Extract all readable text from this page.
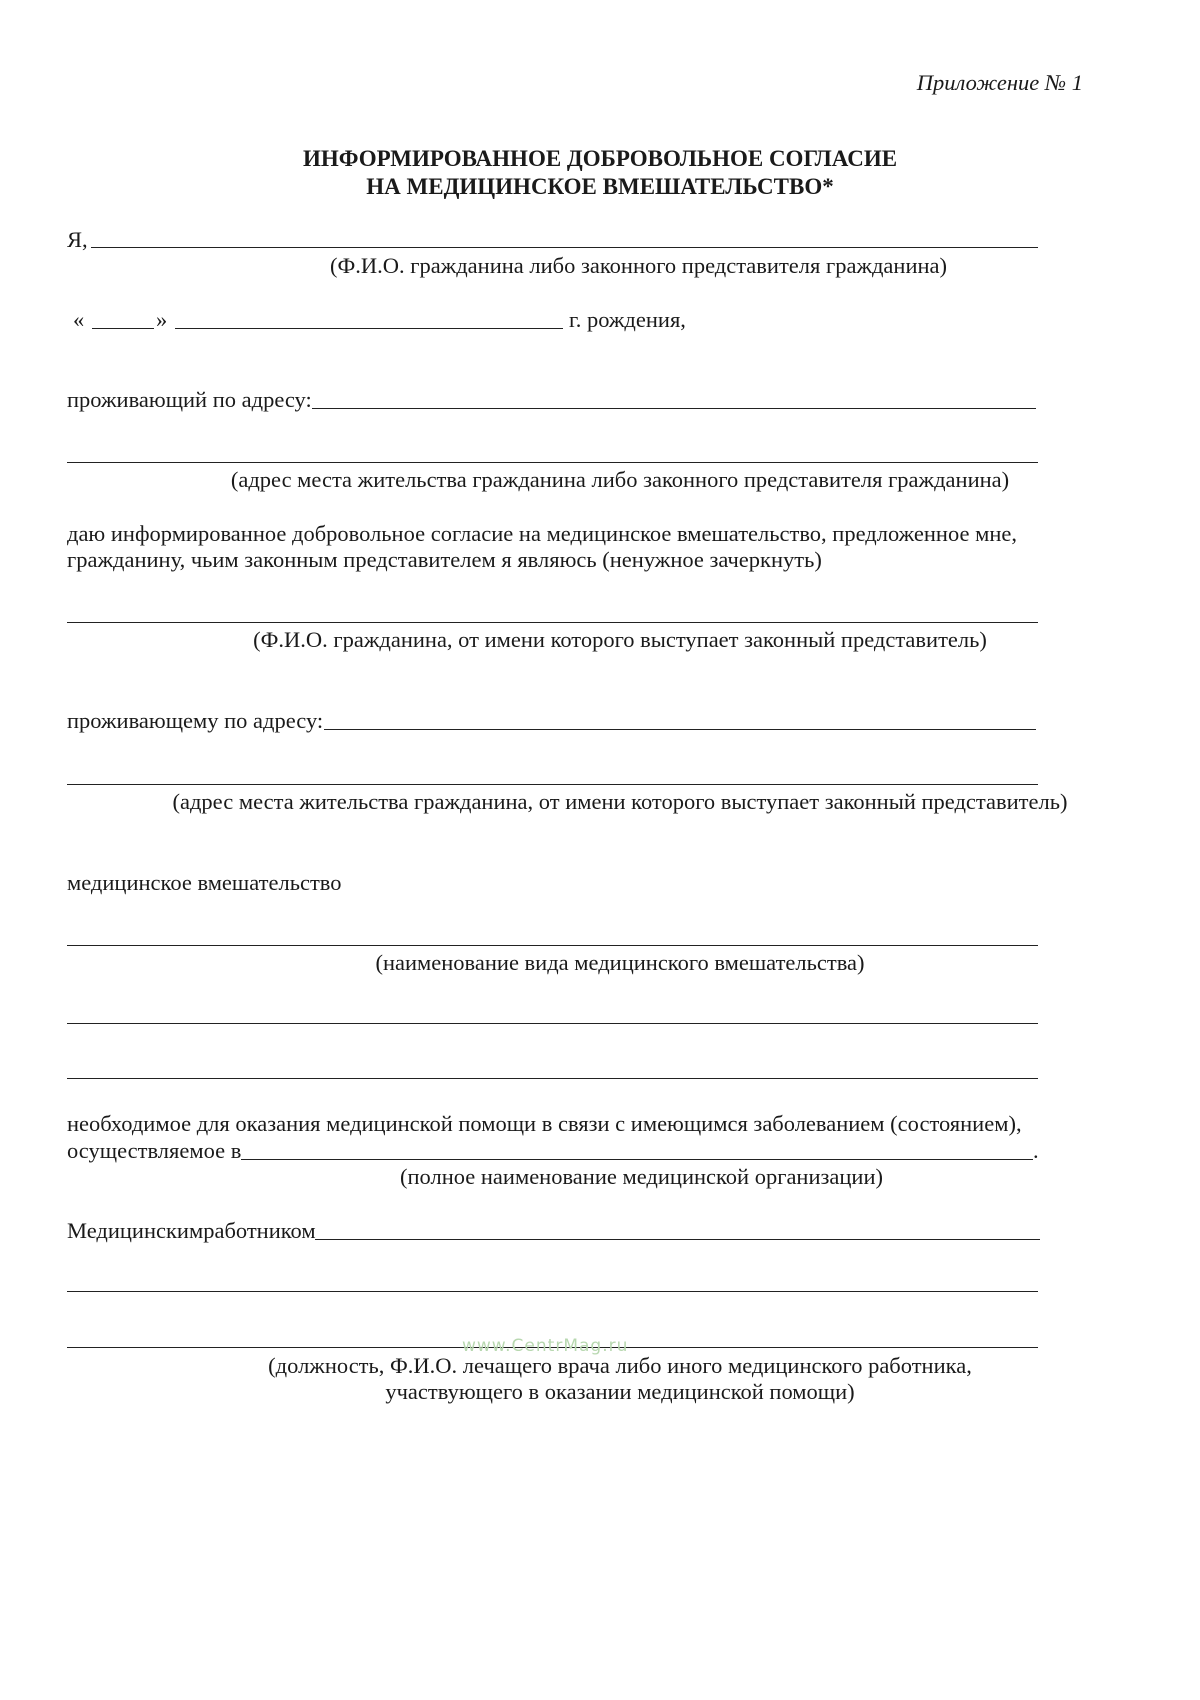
Приложение № 1
ИНФОРМИРОВАННОЕ ДОБРОВОЛЬНОЕ СОГЛАСИЕ
НА МЕДИЦИНСКОЕ ВМЕШАТЕЛЬСТВО*
Я,
(Ф.И.О. гражданина либо законного представителя гражданина)
«	»	г. рождения,
проживающий по адресу:
(адрес места жительства гражданина либо законного представителя гражданина)
даю информированное добровольное согласие на медицинское вмешательство, предложенное мне,
гражданину, чьим законным представителем я являюсь (ненужное зачеркнуть)
(Ф.И.О. гражданина, от имени которого выступает законный представитель)
проживающему по адресу:
(адрес места жительства гражданина, от имени которого выступает законный представитель)
медицинское вмешательство
(наименование вида медицинского вмешательства)
необходимое для оказания медицинской помощи в связи с имеющимся заболеванием (состоянием),
осуществляемое в	.
(полное наименование медицинской организации)
Медицинскимработником
www.CentrMag.ru
(должность, Ф.И.О. лечащего врача либо иного медицинского работника,
участвующего в оказании медицинской помощи)
